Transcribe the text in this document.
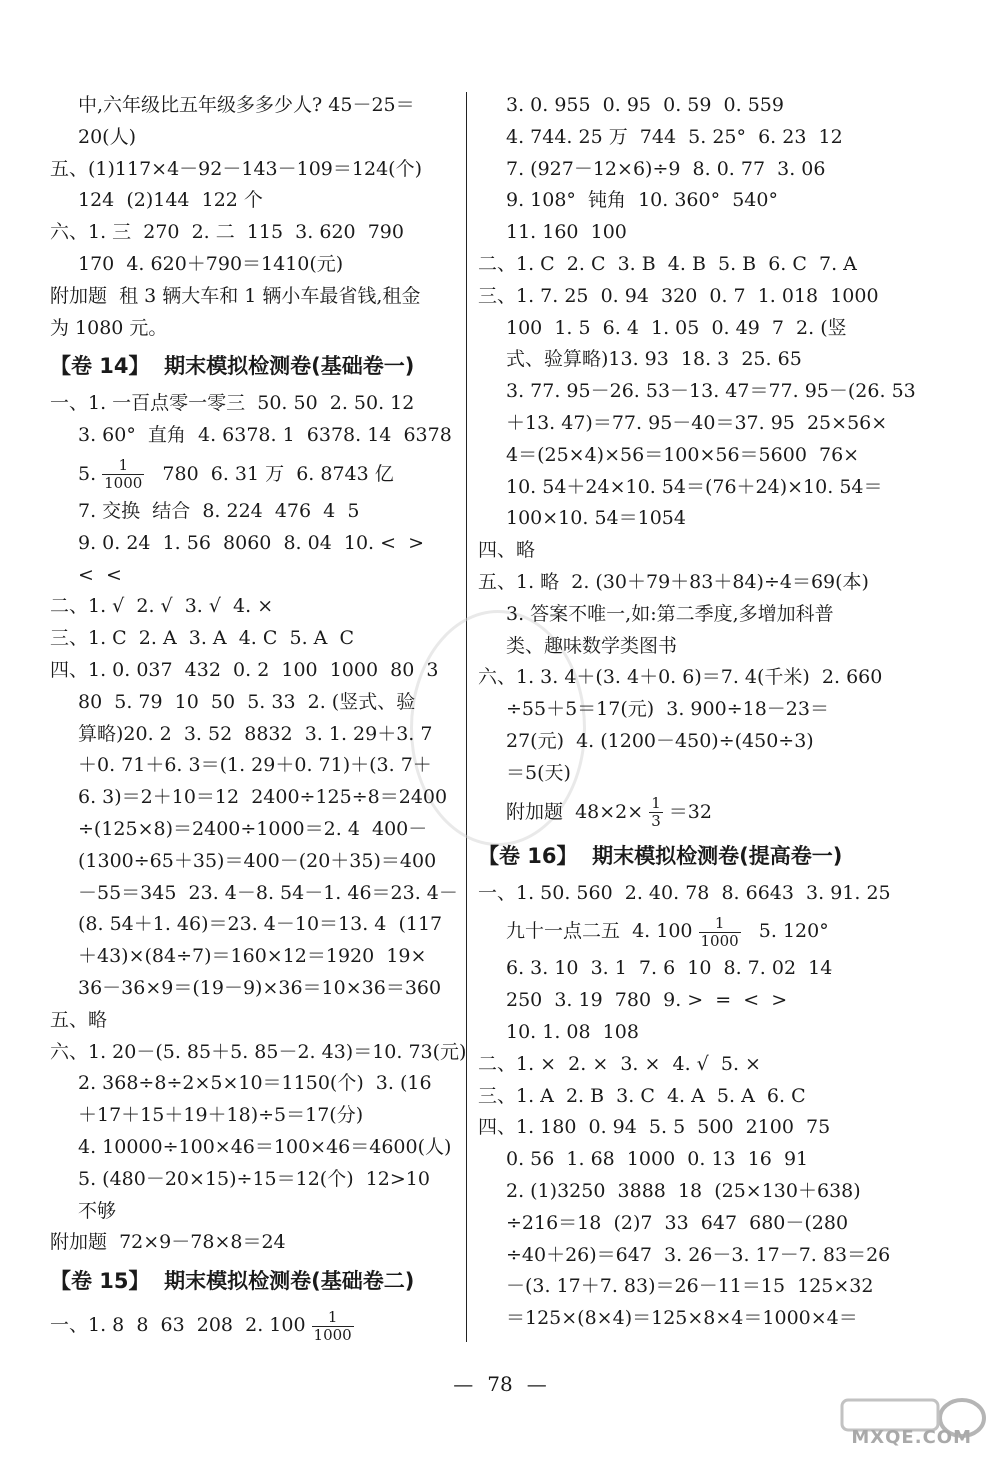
中,六年级比五年级多多少人? 45－25＝
20(人)
五、(1)117×4－92－143－109＝124(个)
124  (2)144  122 个
六、1. 三  270  2. 二  115  3. 620  790
170  4. 620＋790＝1410(元)
附加题  租 3 辆大车和 1 辆小车最省钱,租金
为 1080 元。
【卷 14】  期末模拟检测卷(基础卷一)
一、1. 一百点零一零三  50. 50  2. 50. 12
3. 60°  直角  4. 6378. 1  6378. 14  6378
5. $\frac{1}{1000} 780$  6. 31 万  6. 8743 亿
7. 交换  结合  8. 224  476  4  5
9. 0. 24  1. 56  8060  8. 04  10. <  >
<  <
二、1. √  2. √  3. √  4. ×
三、1. C  2. A  3. A  4. C  5. A  C
四、1. 0. 037  432  0. 2  100  1000  80  3
80  5. 79  10  50  5. 33  2. (竖式、验
算略)20. 2  3. 52  8832  3. 1. 29＋3. 7
＋0. 71＋6. 3＝(1. 29＋0. 71)＋(3. 7＋
6. 3)＝2＋10＝12  2400÷125÷8＝2400
÷(125×8)＝2400÷1000＝2. 4  400－
(1300÷65＋35)＝400－(20＋35)＝400
－55＝345  23. 4－8. 54－1. 46＝23. 4－
(8. 54＋1. 46)＝23. 4－10＝13. 4  (117
＋43)×(84÷7)＝160×12＝1920  19×
36－36×9＝(19－9)×36＝10×36＝360
五、略
六、1. 20－(5. 85＋5. 85－2. 43)＝10. 73(元)
2. 368÷8÷2×5×10＝1150(个)  3. (16
＋17＋15＋19＋18)÷5＝17(分)
4. 10000÷100×46＝100×46＝4600(人)
5. (480－20×15)÷15＝12(个)  12>10
不够
附加题  72×9－78×8＝24
【卷 15】  期末模拟检测卷(基础卷二)
一、1. 8  8  63  208  2. $100 \frac{1}{1000}$
3. 0. 955  0. 95  0. 59  0. 559
4. 744. 25 万  744  5. 25°  6. 23  12
7. (927－12×6)÷9  8. 0. 77  3. 06
9. 108°  钝角  10. 360°  540°
11. 160  100
二、1. C  2. C  3. B  4. B  5. B  6. C  7. A
三、1. 7. 25  0. 94  320  0. 7  1. 018  1000
100  1. 5  6. 4  1. 05  0. 49  7  2. (竖
式、验算略)13. 93  18. 3  25. 65
3. 77. 95－26. 53－13. 47＝77. 95－(26. 53
＋13. 47)＝77. 95－40＝37. 95  25×56×
4＝(25×4)×56＝100×56＝5600  76×
10. 54＋24×10. 54＝(76＋24)×10. 54＝
100×10. 54＝1054
四、略
五、1. 略  2. (30＋79＋83＋84)÷4＝69(本)
3. 答案不唯一,如:第二季度,多增加科普
类、趣味数学类图书
六、1. 3. 4＋(3. 4＋0. 6)＝7. 4(千米)  2. 660
÷55＋5＝17(元)  3. 900÷18－23＝
27(元)  4. (1200－450)÷(450÷3)
＝5(天)
附加题  $48\times 2\times \frac{1}{3} =32$
【卷 16】  期末模拟检测卷(提高卷一)
一、1. 50. 560  2. 40. 78  8. 6643  3. 91. 25
九十一点二五  4. $100 \frac{1}{1000} 5$. 120°
6. 3. 10  3. 1  7. 6  10  8. 7. 02  14
250  3. 19  780  9. >  =  <  >
10. 1. 08  108
二、1. ×  2. ×  3. ×  4. √  5. ×
三、1. A  2. B  3. C  4. A  5. A  6. C
四、1. 180  0. 94  5. 5  500  2100  75
0. 56  1. 68  1000  0. 13  16  91
2. (1)3250  3888  18  (25×130＋638)
÷216＝18  (2)7  33  647  680－(280
÷40＋26)＝647  3. 26－3. 17－7. 83＝26
－(3. 17＋7. 83)＝26－11＝15  125×32
＝125×(8×4)＝125×8×4＝1000×4＝
— 78 —
MXQE.COM
